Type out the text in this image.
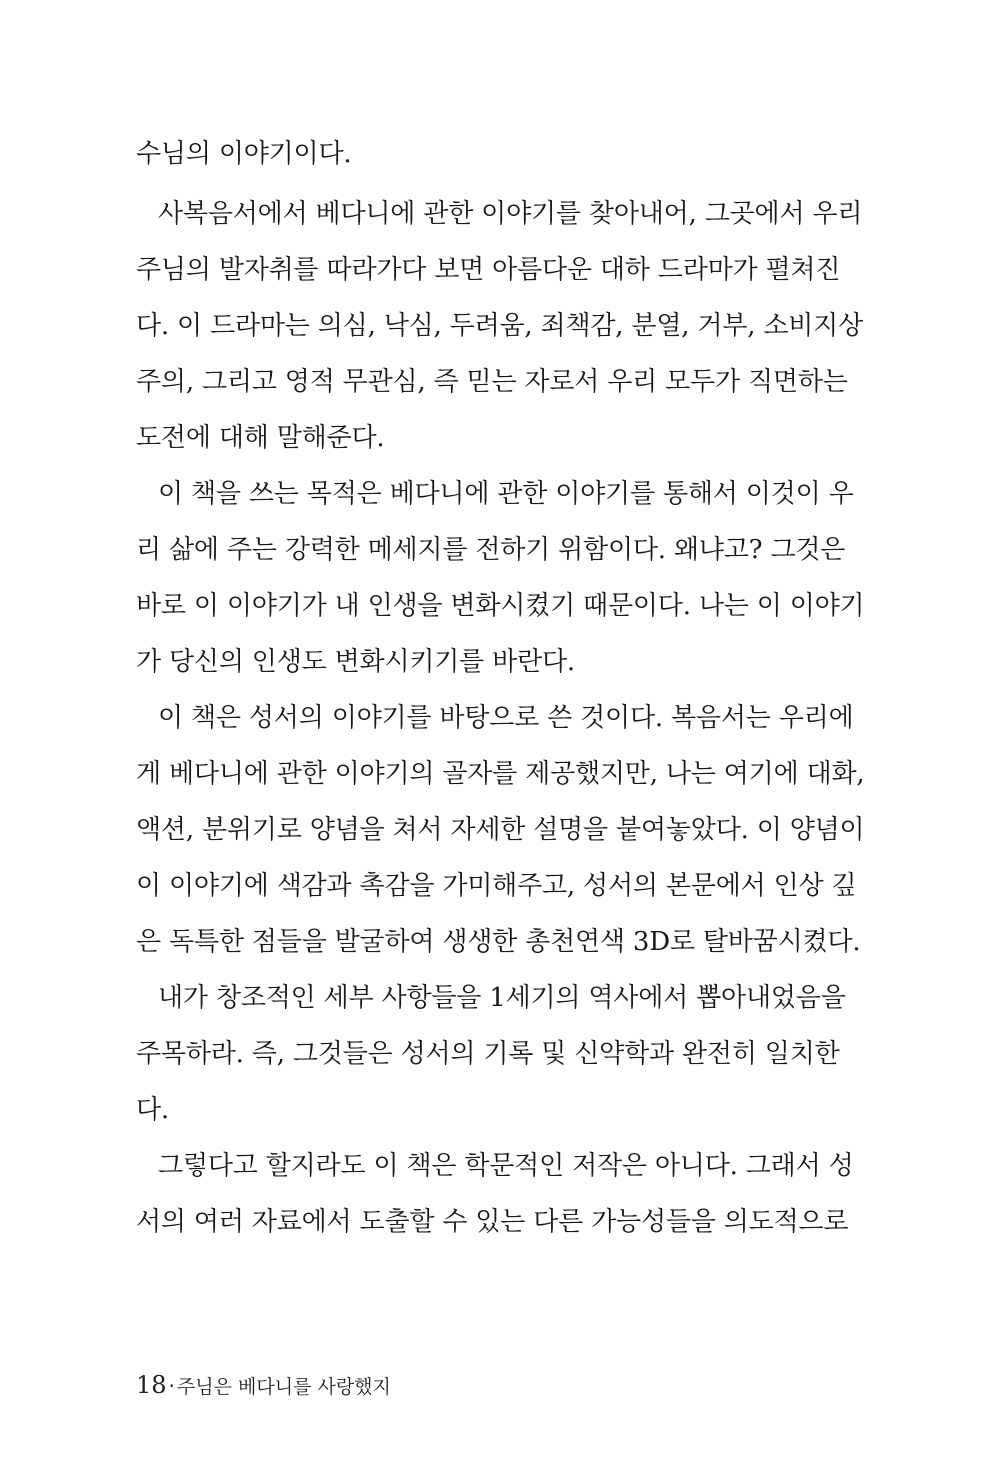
수님의 이야기이다.
사복음서에서 베다니에 관한 이야기를 찾아내어, 그곳에서 우리
주님의 발자취를 따라가다 보면 아름다운 대하 드라마가 펼쳐진
다. 이 드라마는 의심, 낙심, 두려움, 죄책감, 분열, 거부, 소비지상
주의, 그리고 영적 무관심, 즉 믿는 자로서 우리 모두가 직면하는
도전에 대해 말해준다.
이 책을 쓰는 목적은 베다니에 관한 이야기를 통해서 이것이 우
리 삶에 주는 강력한 메세지를 전하기 위함이다. 왜냐고? 그것은
바로 이 이야기가 내 인생을 변화시켰기 때문이다. 나는 이 이야기
가 당신의 인생도 변화시키기를 바란다.
이 책은 성서의 이야기를 바탕으로 쓴 것이다. 복음서는 우리에
게 베다니에 관한 이야기의 골자를 제공했지만, 나는 여기에 대화,
액션, 분위기로 양념을 쳐서 자세한 설명을 붙여놓았다. 이 양념이
이 이야기에 색감과 촉감을 가미해주고, 성서의 본문에서 인상 깊
은 독특한 점들을 발굴하여 생생한 총천연색 3D로 탈바꿈시켰다.
내가 창조적인 세부 사항들을 1세기의 역사에서 뽑아내었음을
주목하라. 즉, 그것들은 성서의 기록 및 신약학과 완전히 일치한
다.
그렇다고 할지라도 이 책은 학문적인 저작은 아니다. 그래서 성
서의 여러 자료에서 도출할 수 있는 다른 가능성들을 의도적으로
18 · 주님은 베다니를 사랑했지
